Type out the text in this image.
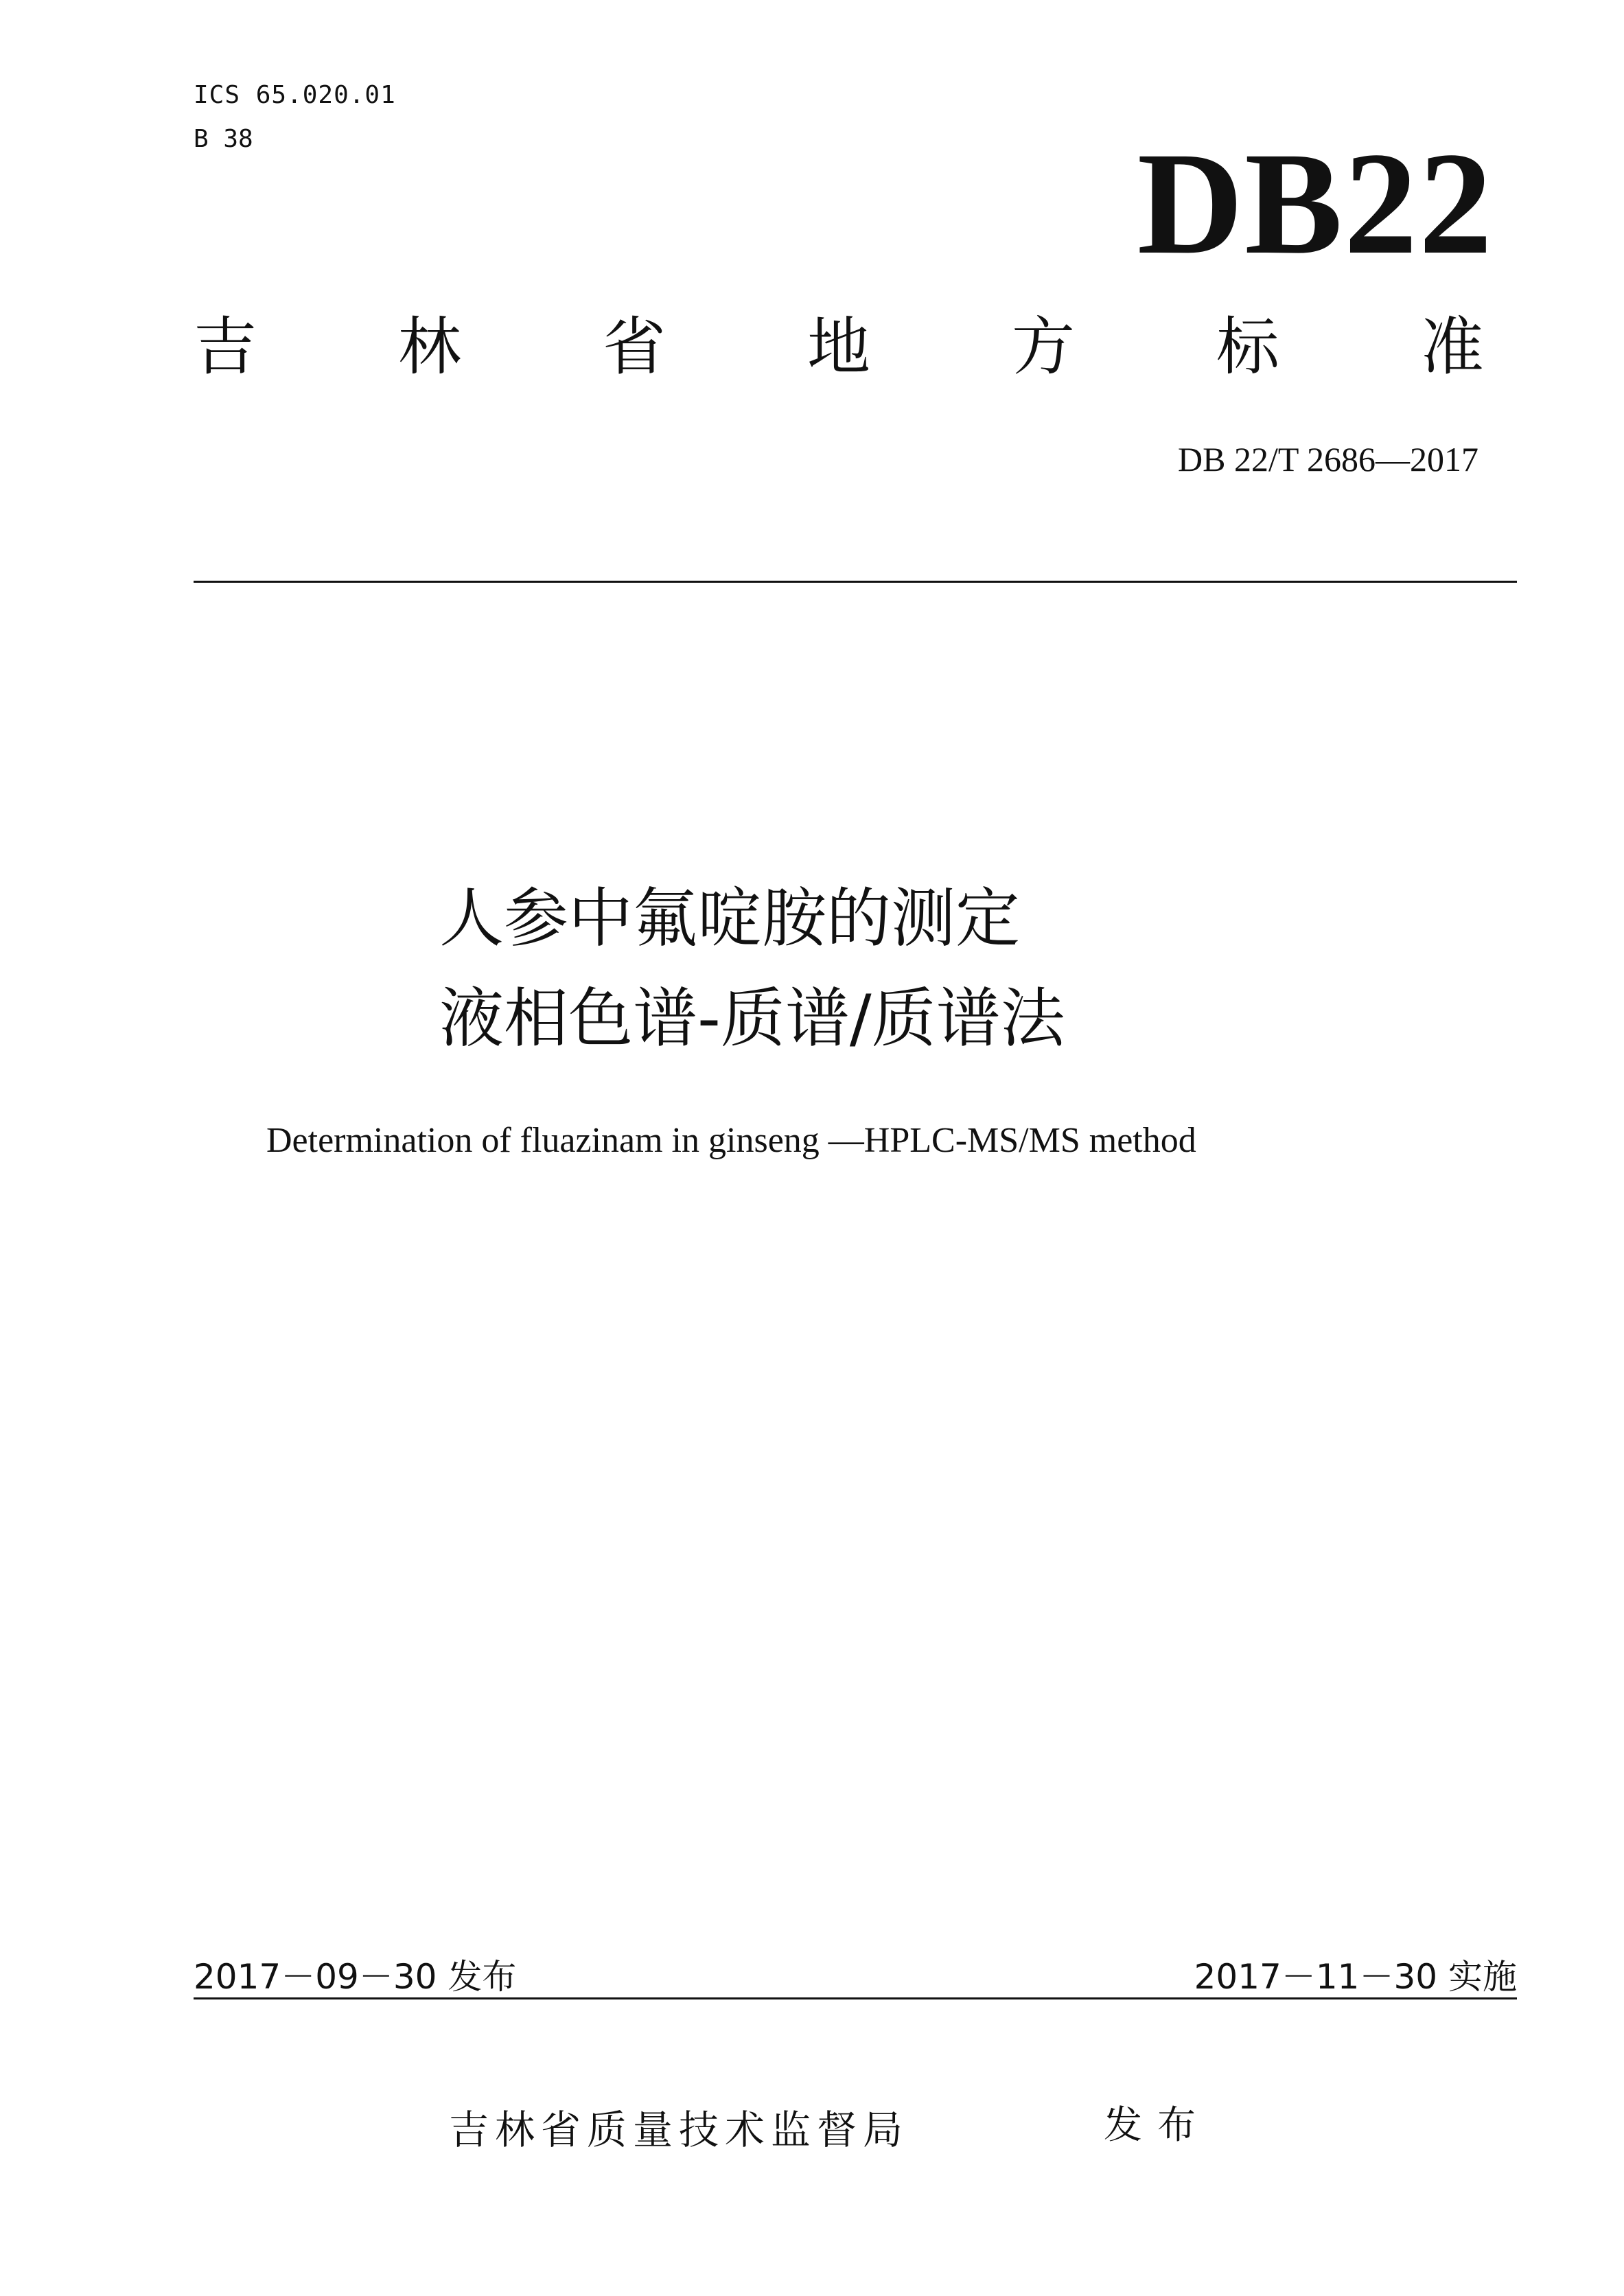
ICS 65.020.01
B 38	DB22
吉 林 省 地 方 标 准
DB 22/T 2686—2017
人参中氟啶胺的测定
液相色谱-质谱/质谱法
Determination of fluazinam in ginseng —HPLC-MS/MS method
2017－09－30 发布	2017－11－30 实施
吉林省质量技术监督局	发布
